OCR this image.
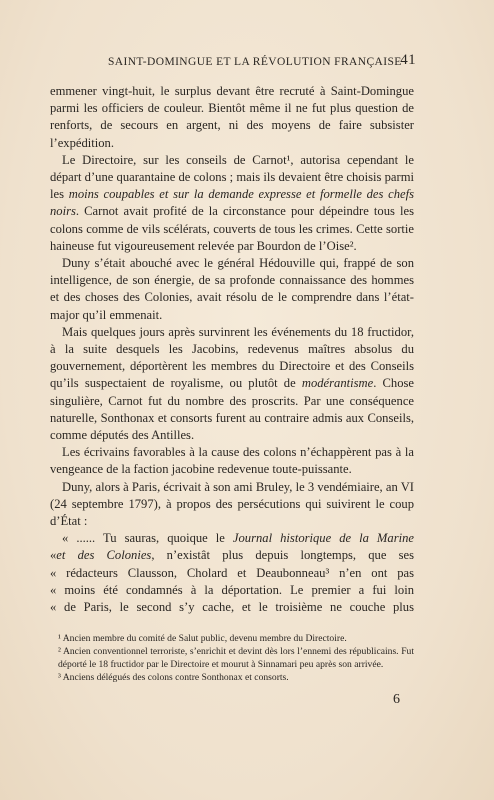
SAINT-DOMINGUE ET LA RÉVOLUTION FRANÇAISE
41

emmener vingt-huit, le surplus devant être recruté à Saint-Domingue parmi les officiers de couleur. Bientôt même il ne fut plus question de renforts, de secours en argent, ni des moyens de faire subsister l’expédition.

Le Directoire, sur les conseils de Carnot¹, autorisa cependant le départ d’une quarantaine de colons ; mais ils devaient être choisis parmi les moins coupables et sur la demande expresse et formelle des chefs noirs. Carnot avait profité de la circonstance pour dépeindre tous les colons comme de vils scélérats, couverts de tous les crimes. Cette sortie haineuse fut vigoureusement relevée par Bourdon de l’Oise².

Duny s’était abouché avec le général Hédouville qui, frappé de son intelligence, de son énergie, de sa profonde connaissance des hommes et des choses des Colonies, avait résolu de le comprendre dans l’état-major qu’il emmenait.

Mais quelques jours après survinrent les événements du 18 fructidor, à la suite desquels les Jacobins, redevenus maîtres absolus du gouvernement, déportèrent les membres du Directoire et des Conseils qu’ils suspectaient de royalisme, ou plutôt de modérantisme. Chose singulière, Carnot fut du nombre des proscrits. Par une conséquence naturelle, Sonthonax et consorts furent au contraire admis aux Conseils, comme députés des Antilles.

Les écrivains favorables à la cause des colons n’échappèrent pas à la vengeance de la faction jacobine redevenue toute-puissante.

Duny, alors à Paris, écrivait à son ami Bruley, le 3 vendémiaire, an VI (24 septembre 1797), à propos des persécutions qui suivirent le coup d’État :

« ...... Tu sauras, quoique le Journal historique de la Marine
«et des Colonies, n’existât plus depuis longtemps, que ses
« rédacteurs Clausson, Cholard et Deaubonneau³ n’en ont pas
« moins été condamnés à la déportation. Le premier a fui loin
« de Paris, le second s’y cache, et le troisième ne couche plus

¹ Ancien membre du comité de Salut public, devenu membre du Directoire.

² Ancien conventionnel terroriste, s’enrichit et devint dès lors l’ennemi des républicains. Fut déporté le 18 fructidor par le Directoire et mourut à Sinnamari peu après son arrivée.

³ Anciens délégués des colons contre Sonthonax et consorts.

6
